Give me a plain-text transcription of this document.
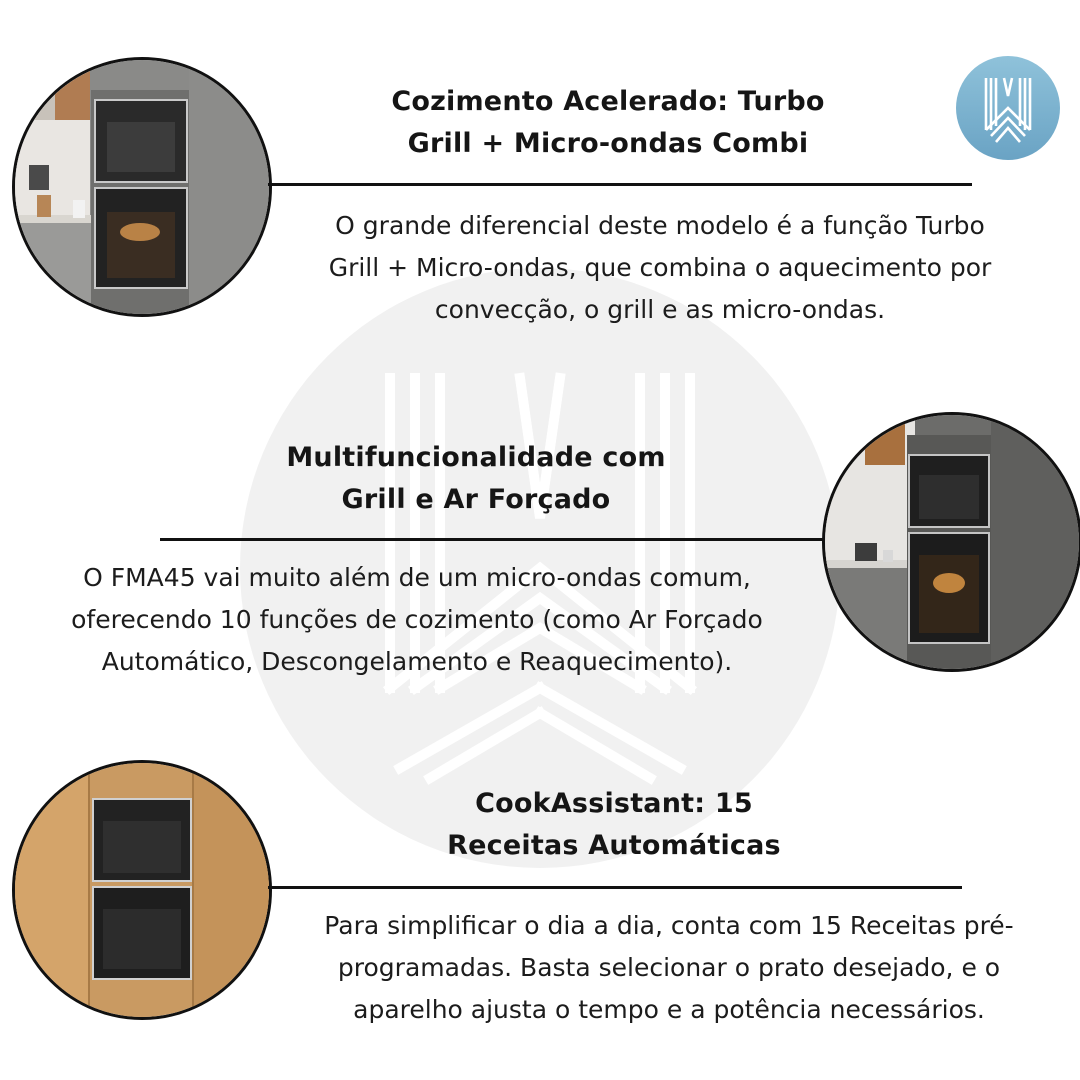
Cozimento Acelerado: Turbo
Grill + Micro-ondas Combi

O grande diferencial deste modelo é a função Turbo
Grill + Micro-ondas, que combina o aquecimento por
convecção, o grill e as micro-ondas.

Multifuncionalidade com
Grill e Ar Forçado

O FMA45 vai muito além de um micro-ondas comum,
oferecendo 10 funções de cozimento (como Ar Forçado
Automático, Descongelamento e Reaquecimento).

CookAssistant: 15
Receitas Automáticas

Para simplificar o dia a dia, conta com 15 Receitas pré-
programadas. Basta selecionar o prato desejado, e o
aparelho ajusta o tempo e a potência necessários.
